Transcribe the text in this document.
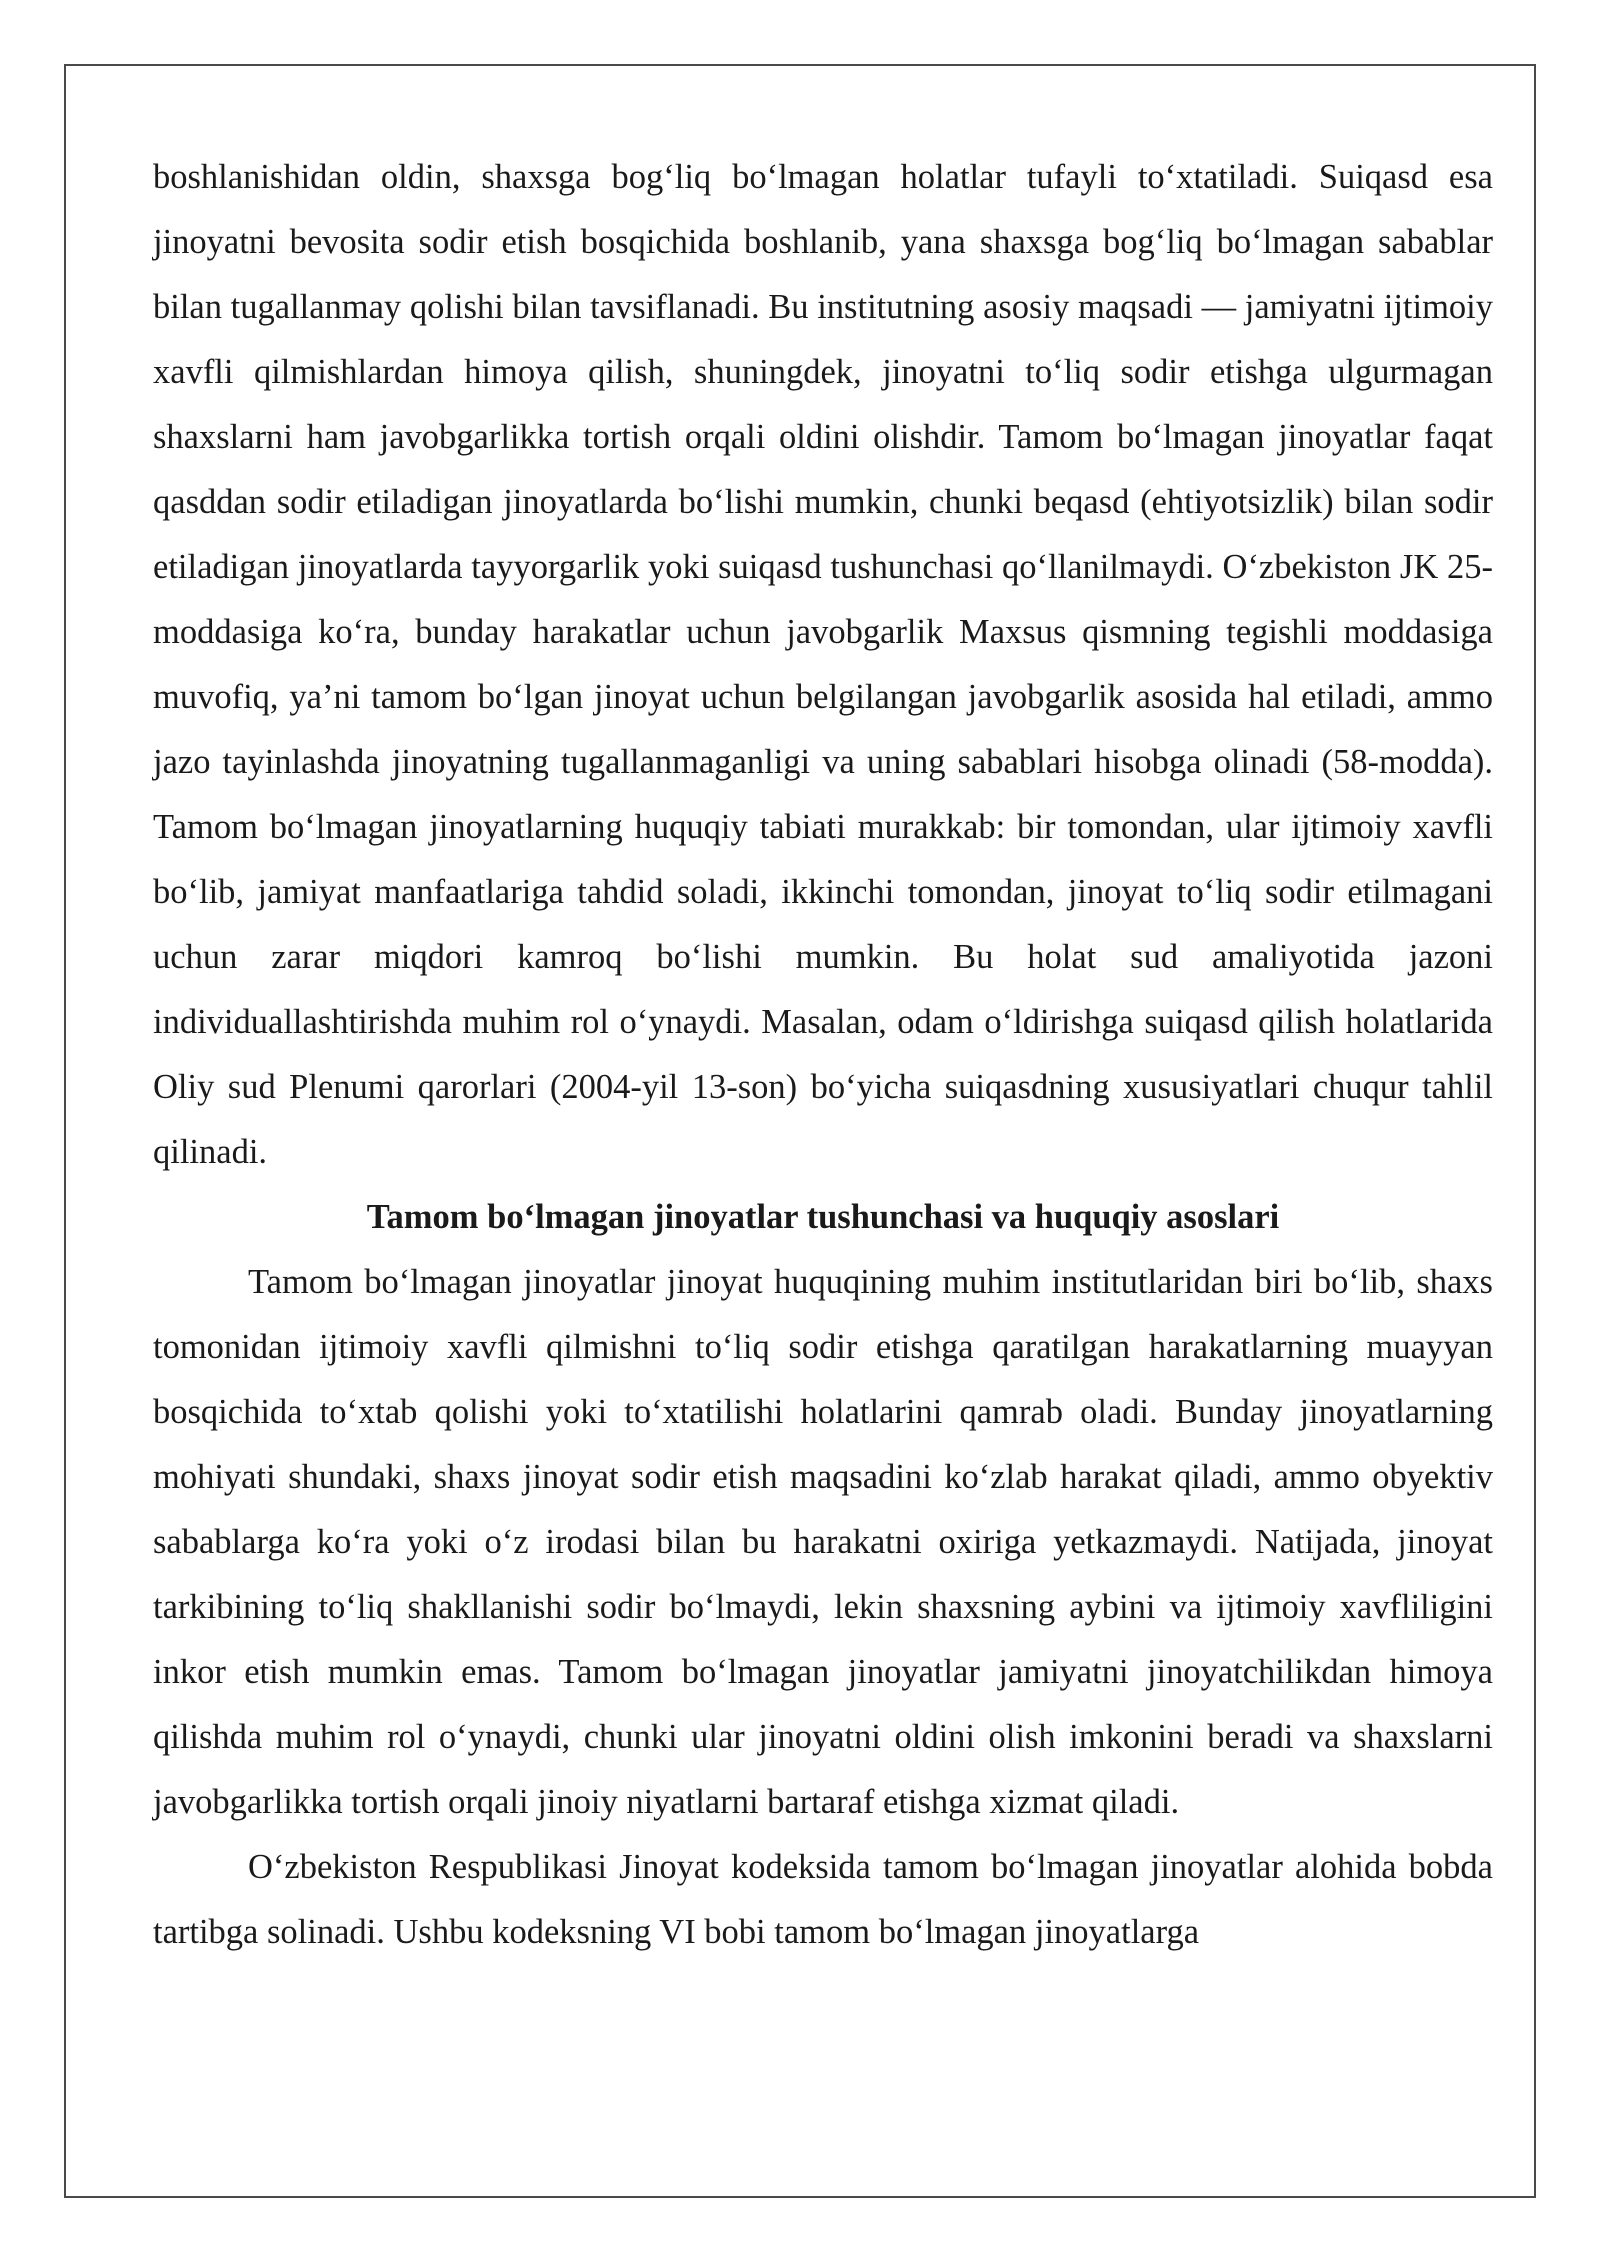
boshlanishidan oldin, shaxsga bog‘liq bo‘lmagan holatlar tufayli to‘xtatiladi. Suiqasd esa jinoyatni bevosita sodir etish bosqichida boshlanib, yana shaxsga bog‘liq bo‘lmagan sabablar bilan tugallanmay qolishi bilan tavsiflanadi. Bu institutning asosiy maqsadi — jamiyatni ijtimoiy xavfli qilmishlardan himoya qilish, shuningdek, jinoyatni to‘liq sodir etishga ulgurmagan shaxslarni ham javobgarlikka tortish orqali oldini olishdir. Tamom bo‘lmagan jinoyatlar faqat qasddan sodir etiladigan jinoyatlarda bo‘lishi mumkin, chunki beqasd (ehtiyotsizlik) bilan sodir etiladigan jinoyatlarda tayyorgarlik yoki suiqasd tushunchasi qo‘llanilmaydi. O‘zbekiston JK 25-moddasiga ko‘ra, bunday harakatlar uchun javobgarlik Maxsus qismning tegishli moddasiga muvofiq, ya’ni tamom bo‘lgan jinoyat uchun belgilangan javobgarlik asosida hal etiladi, ammo jazo tayinlashda jinoyatning tugallanmaganligi va uning sabablari hisobga olinadi (58-modda). Tamom bo‘lmagan jinoyatlarning huquqiy tabiati murakkab: bir tomondan, ular ijtimoiy xavfli bo‘lib, jamiyat manfaatlariga tahdid soladi, ikkinchi tomondan, jinoyat to‘liq sodir etilmagani uchun zarar miqdori kamroq bo‘lishi mumkin. Bu holat sud amaliyotida jazoni individuallashtirishda muhim rol o‘ynaydi. Masalan, odam o‘ldirishga suiqasd qilish holatlarida Oliy sud Plenumi qarorlari (2004-yil 13-son) bo‘yicha suiqasdning xususiyatlari chuqur tahlil qilinadi.

Tamom bo‘lmagan jinoyatlar tushunchasi va huquqiy asoslari

Tamom bo‘lmagan jinoyatlar jinoyat huquqining muhim institutlaridan biri bo‘lib, shaxs tomonidan ijtimoiy xavfli qilmishni to‘liq sodir etishga qaratilgan harakatlarning muayyan bosqichida to‘xtab qolishi yoki to‘xtatilishi holatlarini qamrab oladi. Bunday jinoyatlarning mohiyati shundaki, shaxs jinoyat sodir etish maqsadini ko‘zlab harakat qiladi, ammo obyektiv sabablarga ko‘ra yoki o‘z irodasi bilan bu harakatni oxiriga yetkazmaydi. Natijada, jinoyat tarkibining to‘liq shakllanishi sodir bo‘lmaydi, lekin shaxsning aybini va ijtimoiy xavfliligini inkor etish mumkin emas. Tamom bo‘lmagan jinoyatlar jamiyatni jinoyatchilikdan himoya qilishda muhim rol o‘ynaydi, chunki ular jinoyatni oldini olish imkonini beradi va shaxslarni javobgarlikka tortish orqali jinoiy niyatlarni bartaraf etishga xizmat qiladi.

O‘zbekiston Respublikasi Jinoyat kodeksida tamom bo‘lmagan jinoyatlar alohida bobda tartibga solinadi. Ushbu kodeksning VI bobi tamom bo‘lmagan jinoyatlarga
